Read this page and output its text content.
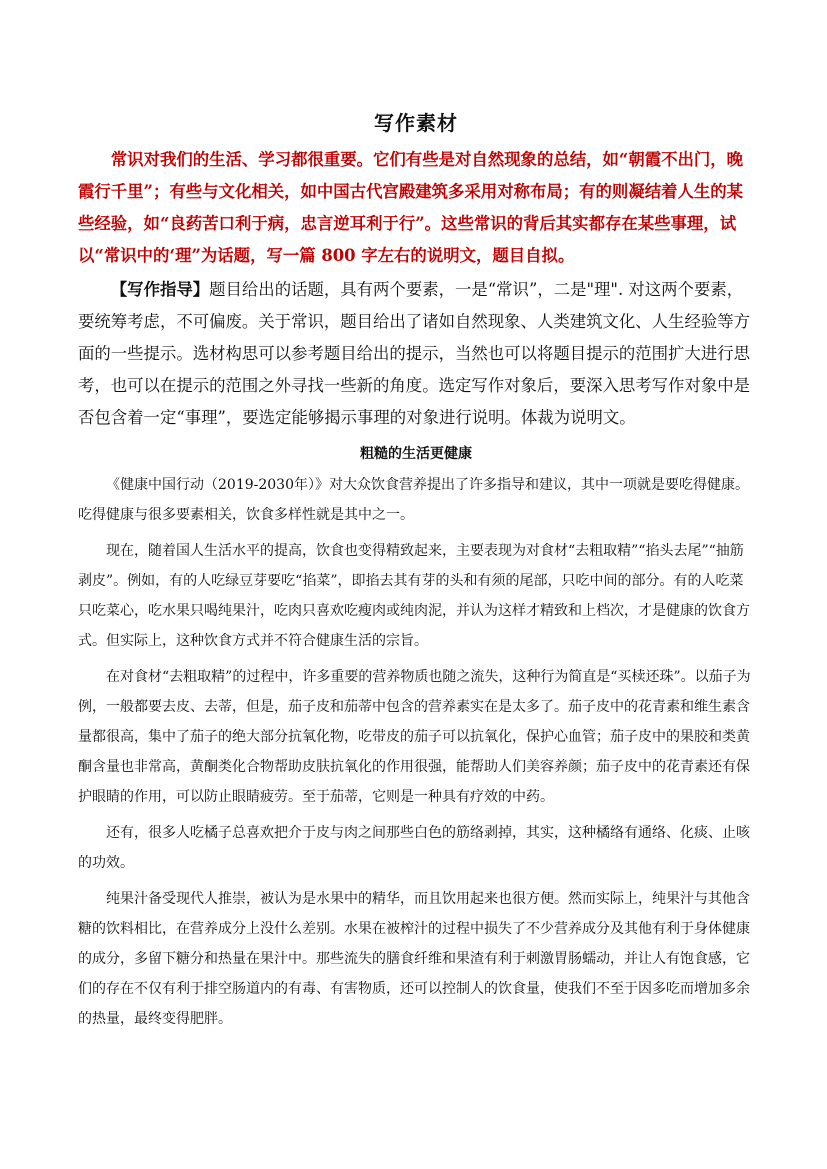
写作素材

常识对我们的生活、学习都很重要。它们有些是对自然现象的总结，如“朝霞不出门，晚霞行千里”；有些与文化相关，如中国古代宫殿建筑多采用对称布局；有的则凝结着人生的某些经验，如“良药苦口利于病，忠言逆耳利于行”。这些常识的背后其实都存在某些事理，试以“常识中的‘理”为话题，写一篇 800 字左右的说明文，题目自拟。

【写作指导】题目给出的话题，具有两个要素，一是“常识”，二是"理". 对这两个要素，要统筹考虑，不可偏废。关于常识，题目给出了诸如自然现象、人类建筑文化、人生经验等方面的一些提示。选材构思可以参考题目给出的提示，当然也可以将题目提示的范围扩大进行思考，也可以在提示的范围之外寻找一些新的角度。选定写作对象后，要深入思考写作对象中是否包含着一定“事理”，要选定能够揭示事理的对象进行说明。体裁为说明文。

粗糙的生活更健康

《健康中国行动（2019-2030年）》对大众饮食营养提出了许多指导和建议，其中一项就是要吃得健康。吃得健康与很多要素相关，饮食多样性就是其中之一。

现在，随着国人生活水平的提高，饮食也变得精致起来，主要表现为对食材“去粗取精”“掐头去尾”“抽筋剥皮”。例如，有的人吃绿豆芽要吃“掐菜”，即掐去其有芽的头和有须的尾部，只吃中间的部分。有的人吃菜只吃菜心，吃水果只喝纯果汁，吃肉只喜欢吃瘦肉或纯肉泥，并认为这样才精致和上档次，才是健康的饮食方式。但实际上，这种饮食方式并不符合健康生活的宗旨。

在对食材“去粗取精”的过程中，许多重要的营养物质也随之流失，这种行为简直是“买椟还珠”。以茄子为例，一般都要去皮、去蒂，但是，茄子皮和茄蒂中包含的营养素实在是太多了。茄子皮中的花青素和维生素含量都很高，集中了茄子的绝大部分抗氧化物，吃带皮的茄子可以抗氧化，保护心血管；茄子皮中的果胶和类黄酮含量也非常高，黄酮类化合物帮助皮肤抗氧化的作用很强，能帮助人们美容养颜；茄子皮中的花青素还有保护眼睛的作用，可以防止眼睛疲劳。至于茄蒂，它则是一种具有疗效的中药。

还有，很多人吃橘子总喜欢把介于皮与肉之间那些白色的筋络剥掉，其实，这种橘络有通络、化痰、止咳的功效。

纯果汁备受现代人推崇，被认为是水果中的精华，而且饮用起来也很方便。然而实际上，纯果汁与其他含糖的饮料相比，在营养成分上没什么差别。水果在被榨汁的过程中损失了不少营养成分及其他有利于身体健康的成分，多留下糖分和热量在果汁中。那些流失的膳食纤维和果渣有利于刺激胃肠蠕动，并让人有饱食感，它们的存在不仅有利于排空肠道内的有毒、有害物质，还可以控制人的饮食量，使我们不至于因多吃而增加多余的热量，最终变得肥胖。
